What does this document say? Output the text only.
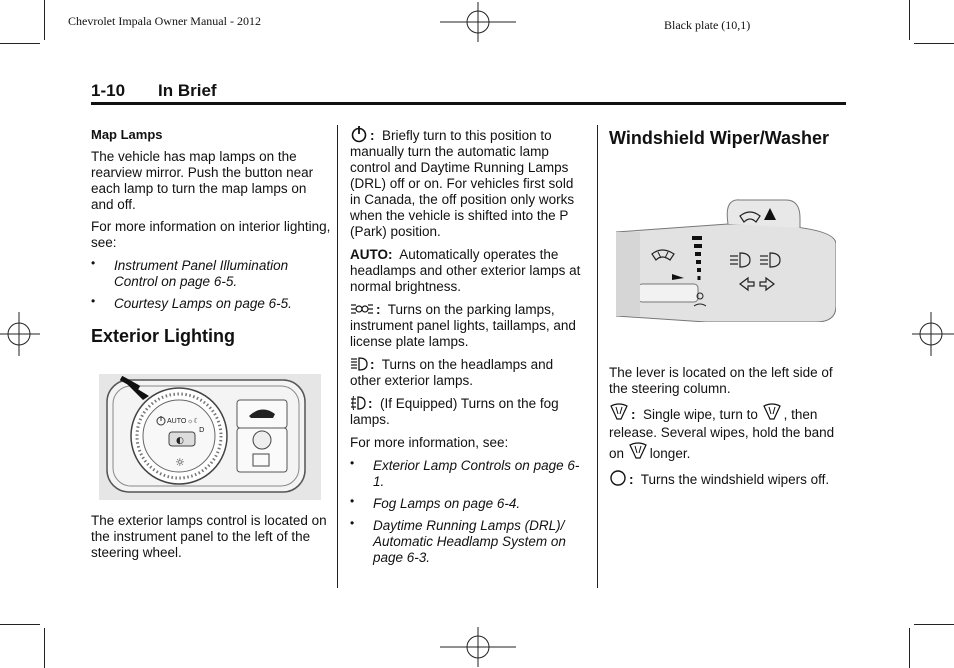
Chevrolet Impala Owner Manual - 2012	Black plate (10,1)
1-10 In Brief
Map Lamps

The vehicle has map lamps on the rearview mirror. Push the button near each lamp to turn the map lamps on and off.

For more information on interior lighting, see:

• Instrument Panel Illumination Control on page 6-5.

• Courtesy Lamps on page 6-5.

Exterior Lighting
AUTO ☼☾
◐
D
☼

The exterior lamps control is located on the instrument panel to the left of the steering wheel.

: Briefly turn to this position to manually turn the automatic lamp control and Daytime Running Lamps (DRL) off or on. For vehicles first sold in Canada, the off position only works when the vehicle is shifted into the P (Park) position.

AUTO: Automatically operates the headlamps and other exterior lamps at normal brightness.

: Turns on the parking lamps, instrument panel lights, taillamps, and license plate lamps.

: Turns on the headlamps and other exterior lamps.

: (If Equipped) Turns on the fog lamps.

For more information, see:

• Exterior Lamp Controls on page 6-1.

• Fog Lamps on page 6-4.

• Daytime Running Lamps (DRL)/ Automatic Headlamp System on page 6-3.

Windshield Wiper/Washer

The lever is located on the left side of the steering column.

: Single wipe, turn to , then release. Several wipes, hold the band on longer.

: Turns the windshield wipers off.
